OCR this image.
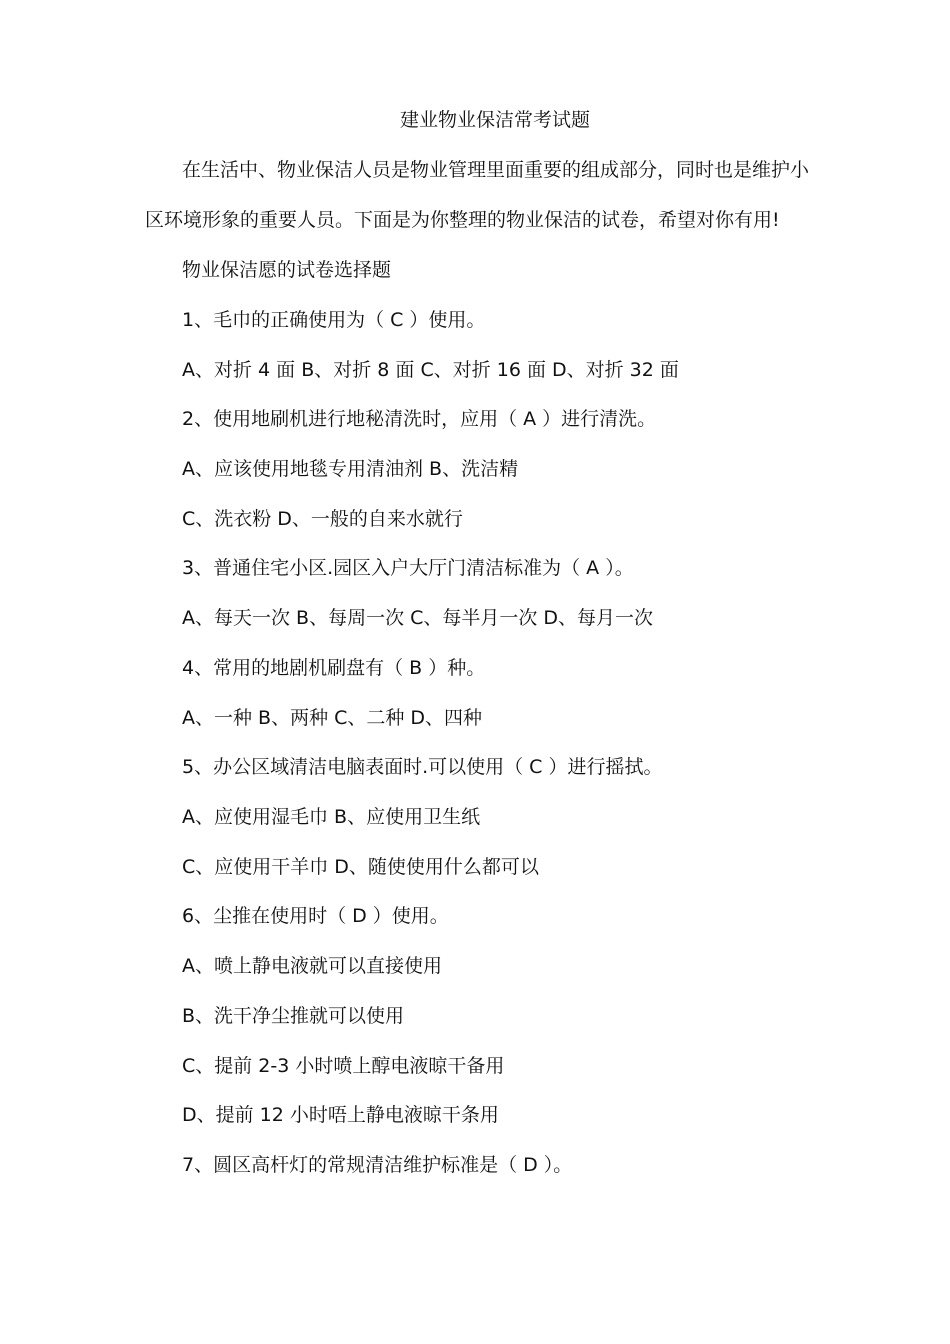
建业物业保洁常考试题
在生活中、物业保洁人员是物业管理里面重要的组成部分，同时也是维护小
区环境形象的重要人员。下面是为你整理的物业保洁的试卷，希望对你有用!
物业保洁愿的试卷选择题
1、毛巾的正确使用为（ C ）使用。
A、对折 4 面 B、对折 8 面 C、对折 16 面 D、对折 32 面
2、使用地刷机进行地秘清洗时，应用（ A ）进行清洗。
A、应该使用地毯专用清油剂 B、洗洁精
C、洗衣粉 D、一般的自来水就行
3、普通住宅小区.园区入户大厅门清洁标准为（ A ）。
A、每天一次 B、每周一次 C、每半月一次 D、每月一次
4、常用的地剧机刷盘有（ B ）种。
A、一种 B、两种 C、二种 D、四种
5、办公区域清洁电脑表面时.可以使用（ C ）进行摇拭。
A、应使用湿毛巾 B、应使用卫生纸
C、应使用干羊巾 D、随使使用什么都可以
6、尘推在使用时（ D ）使用。
A、喷上静电液就可以直接使用
B、洗干净尘推就可以使用
C、提前 2-3 小时喷上醇电液晾干备用
D、提前 12 小时唔上静电液晾干条用
7、圆区高杆灯的常规清洁维护标准是（ D ）。
